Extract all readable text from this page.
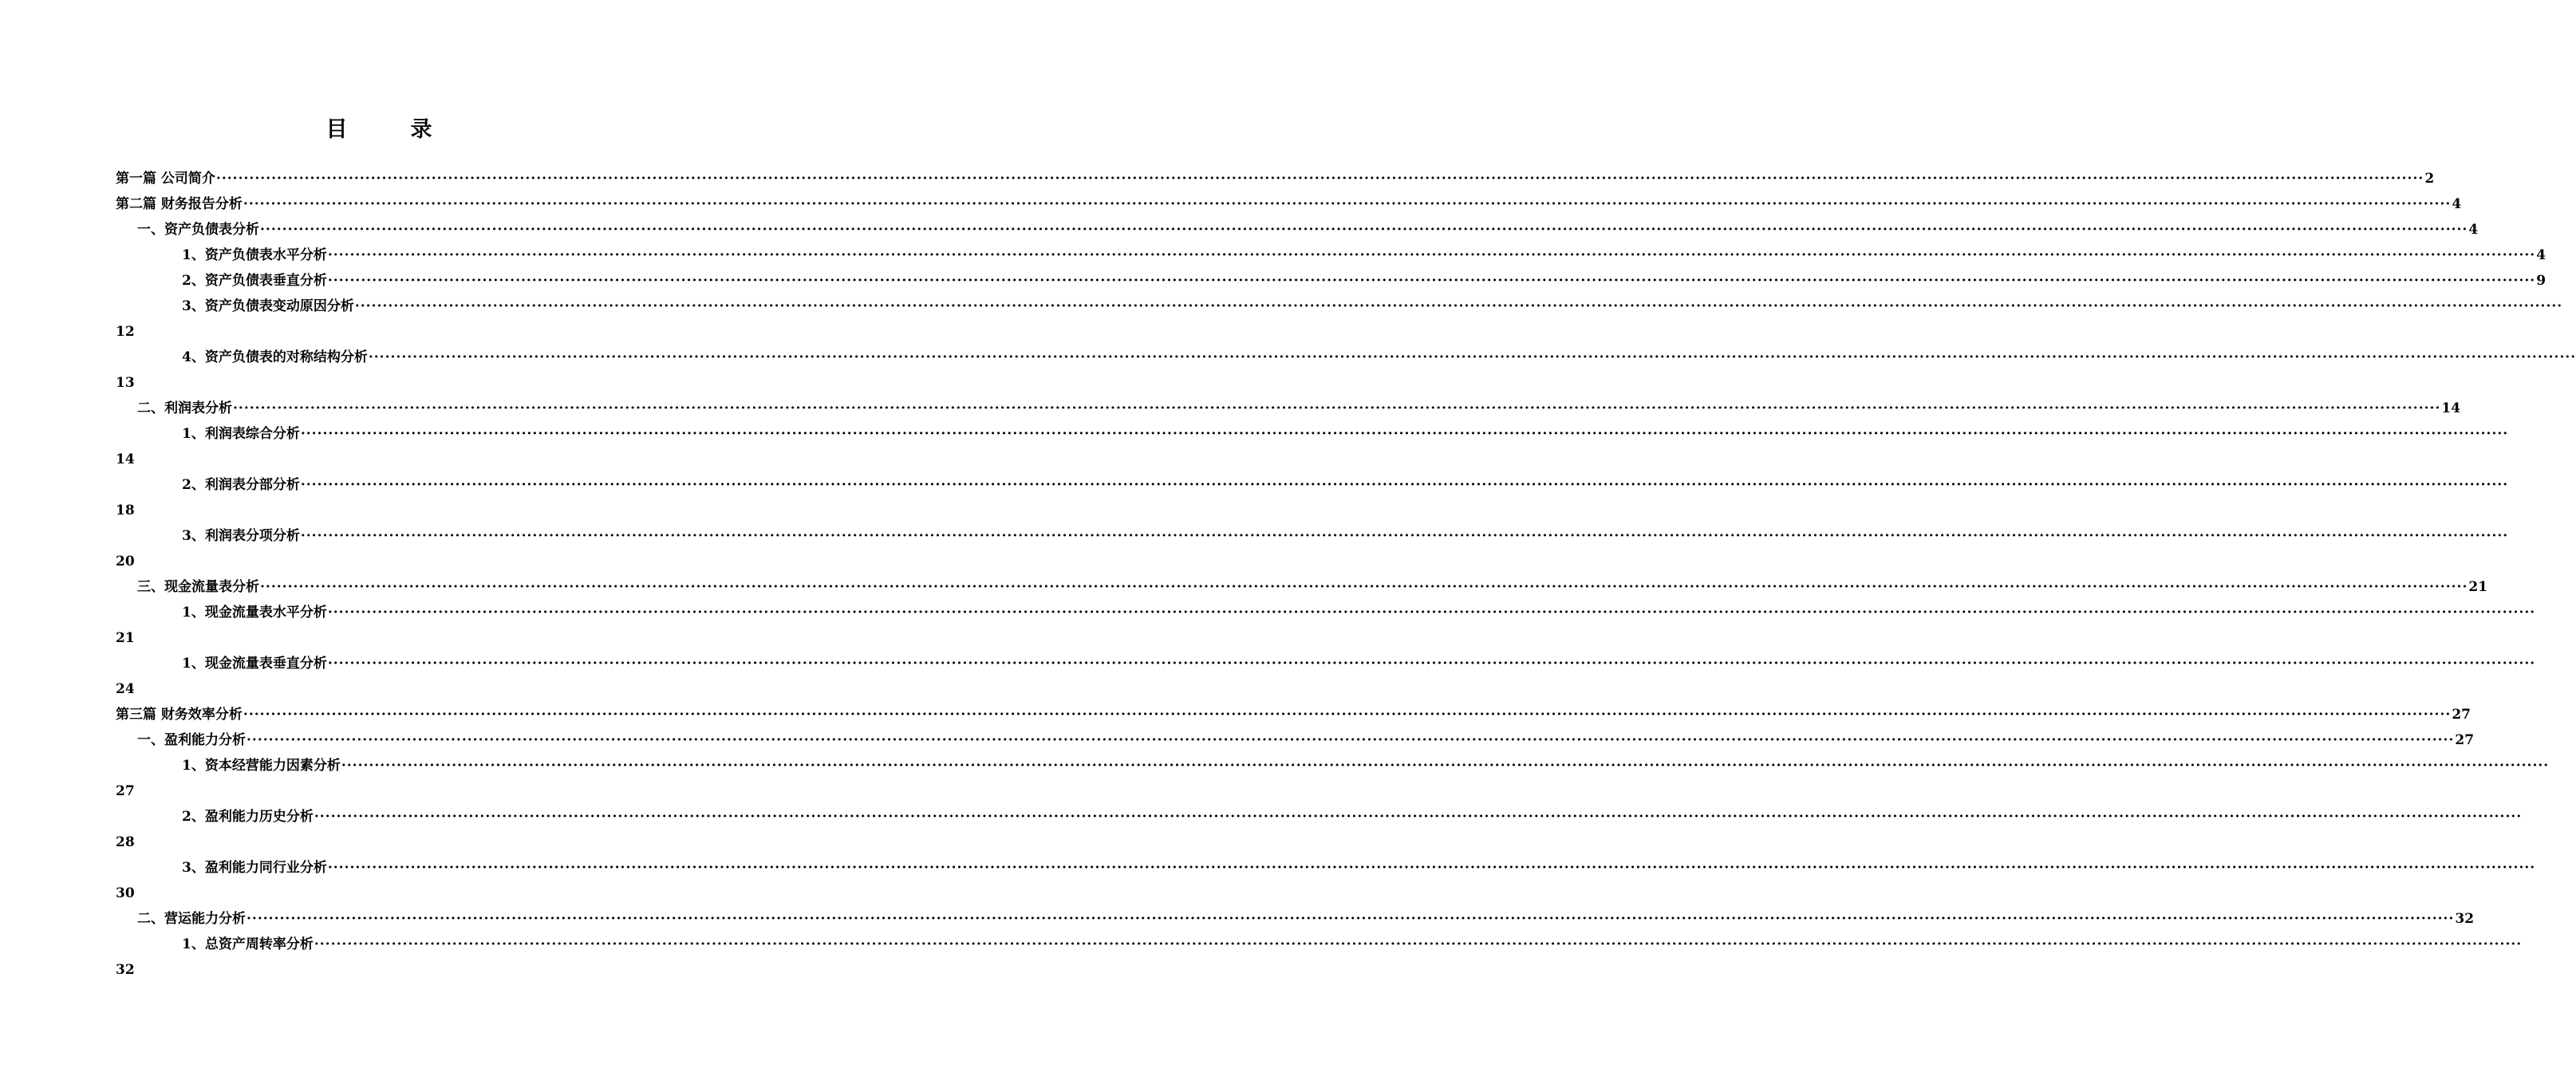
目　录
第一篇 公司简介 ················································································································································································································································································································································································································ 2
第二篇 财务报告分析 ················································································································································································································································································································································································································ 4
一、资产负债表分析 ················································································································································································································································································································································································································ 4
1、资产负债表水平分析 ················································································································································································································································································································································································································ 4
2、资产负债表垂直分析 ················································································································································································································································································································································································································ 9
3、资产负债表变动原因分析 ················································································································································································································································································································································································································
12
4、资产负债表的对称结构分析 ················································································································································································································································································································································································································
13
二、利润表分析 ················································································································································································································································································································································································································ 14
1、利润表综合分析 ················································································································································································································································································································································································································
14
2、利润表分部分析 ················································································································································································································································································································································································································
18
3、利润表分项分析 ················································································································································································································································································································································································································
20
三、现金流量表分析 ················································································································································································································································································································································································································ 21
1、现金流量表水平分析 ················································································································································································································································································································································································································
21
1、现金流量表垂直分析 ················································································································································································································································································································································································································
24
第三篇 财务效率分析 ················································································································································································································································································································································································································ 27
一、盈利能力分析 ················································································································································································································································································································································································································ 27
1、资本经营能力因素分析 ················································································································································································································································································································································································································
27
2、盈利能力历史分析 ················································································································································································································································································································································································································
28
3、盈利能力同行业分析 ················································································································································································································································································································································································································
30
二、营运能力分析 ················································································································································································································································································································································································································ 32
1、总资产周转率分析 ················································································································································································································································································································································································································
32
